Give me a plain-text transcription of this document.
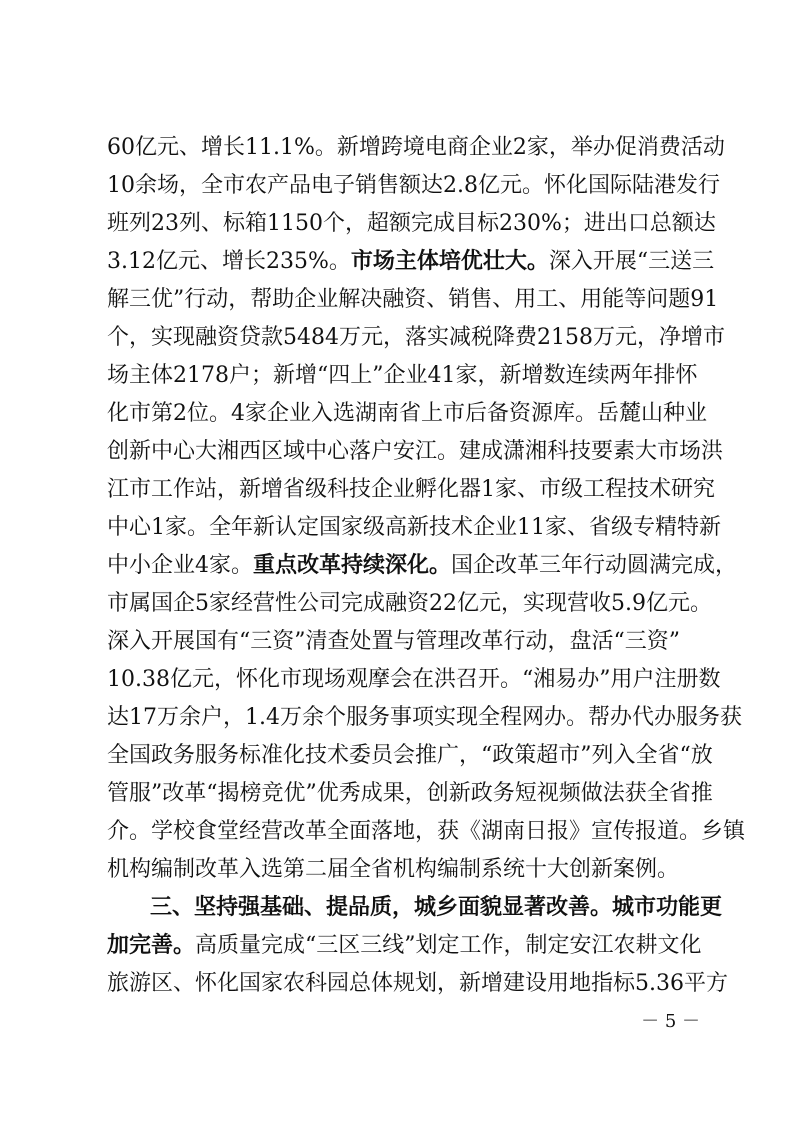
60亿元、增长11.1%。新增跨境电商企业2家，举办促消费活动
10余场，全市农产品电子销售额达2.8亿元。怀化国际陆港发行
班列23列、标箱1150个，超额完成目标230%；进出口总额达
3.12亿元、增长235%。市场主体培优壮大。深入开展“三送三
解三优”行动，帮助企业解决融资、销售、用工、用能等问题91
个，实现融资贷款5484万元，落实减税降费2158万元，净增市
场主体2178户；新增“四上”企业41家，新增数连续两年排怀
化市第2位。4家企业入选湖南省上市后备资源库。岳麓山种业
创新中心大湘西区域中心落户安江。建成潇湘科技要素大市场洪
江市工作站，新增省级科技企业孵化器1家、市级工程技术研究
中心1家。全年新认定国家级高新技术企业11家、省级专精特新
中小企业4家。重点改革持续深化。国企改革三年行动圆满完成，
市属国企5家经营性公司完成融资22亿元，实现营收5.9亿元。
深入开展国有“三资”清查处置与管理改革行动，盘活“三资”
10.38亿元，怀化市现场观摩会在洪召开。“湘易办”用户注册数
达17万余户，1.4万余个服务事项实现全程网办。帮办代办服务获
全国政务服务标准化技术委员会推广，“政策超市”列入全省“放
管服”改革“揭榜竞优”优秀成果，创新政务短视频做法获全省推
介。学校食堂经营改革全面落地，获《湖南日报》宣传报道。乡镇
机构编制改革入选第二届全省机构编制系统十大创新案例。
三、坚持强基础、提品质，城乡面貌显著改善。城市功能更
加完善。高质量完成“三区三线”划定工作，制定安江农耕文化
旅游区、怀化国家农科园总体规划，新增建设用地指标5.36平方
－ 5 －
